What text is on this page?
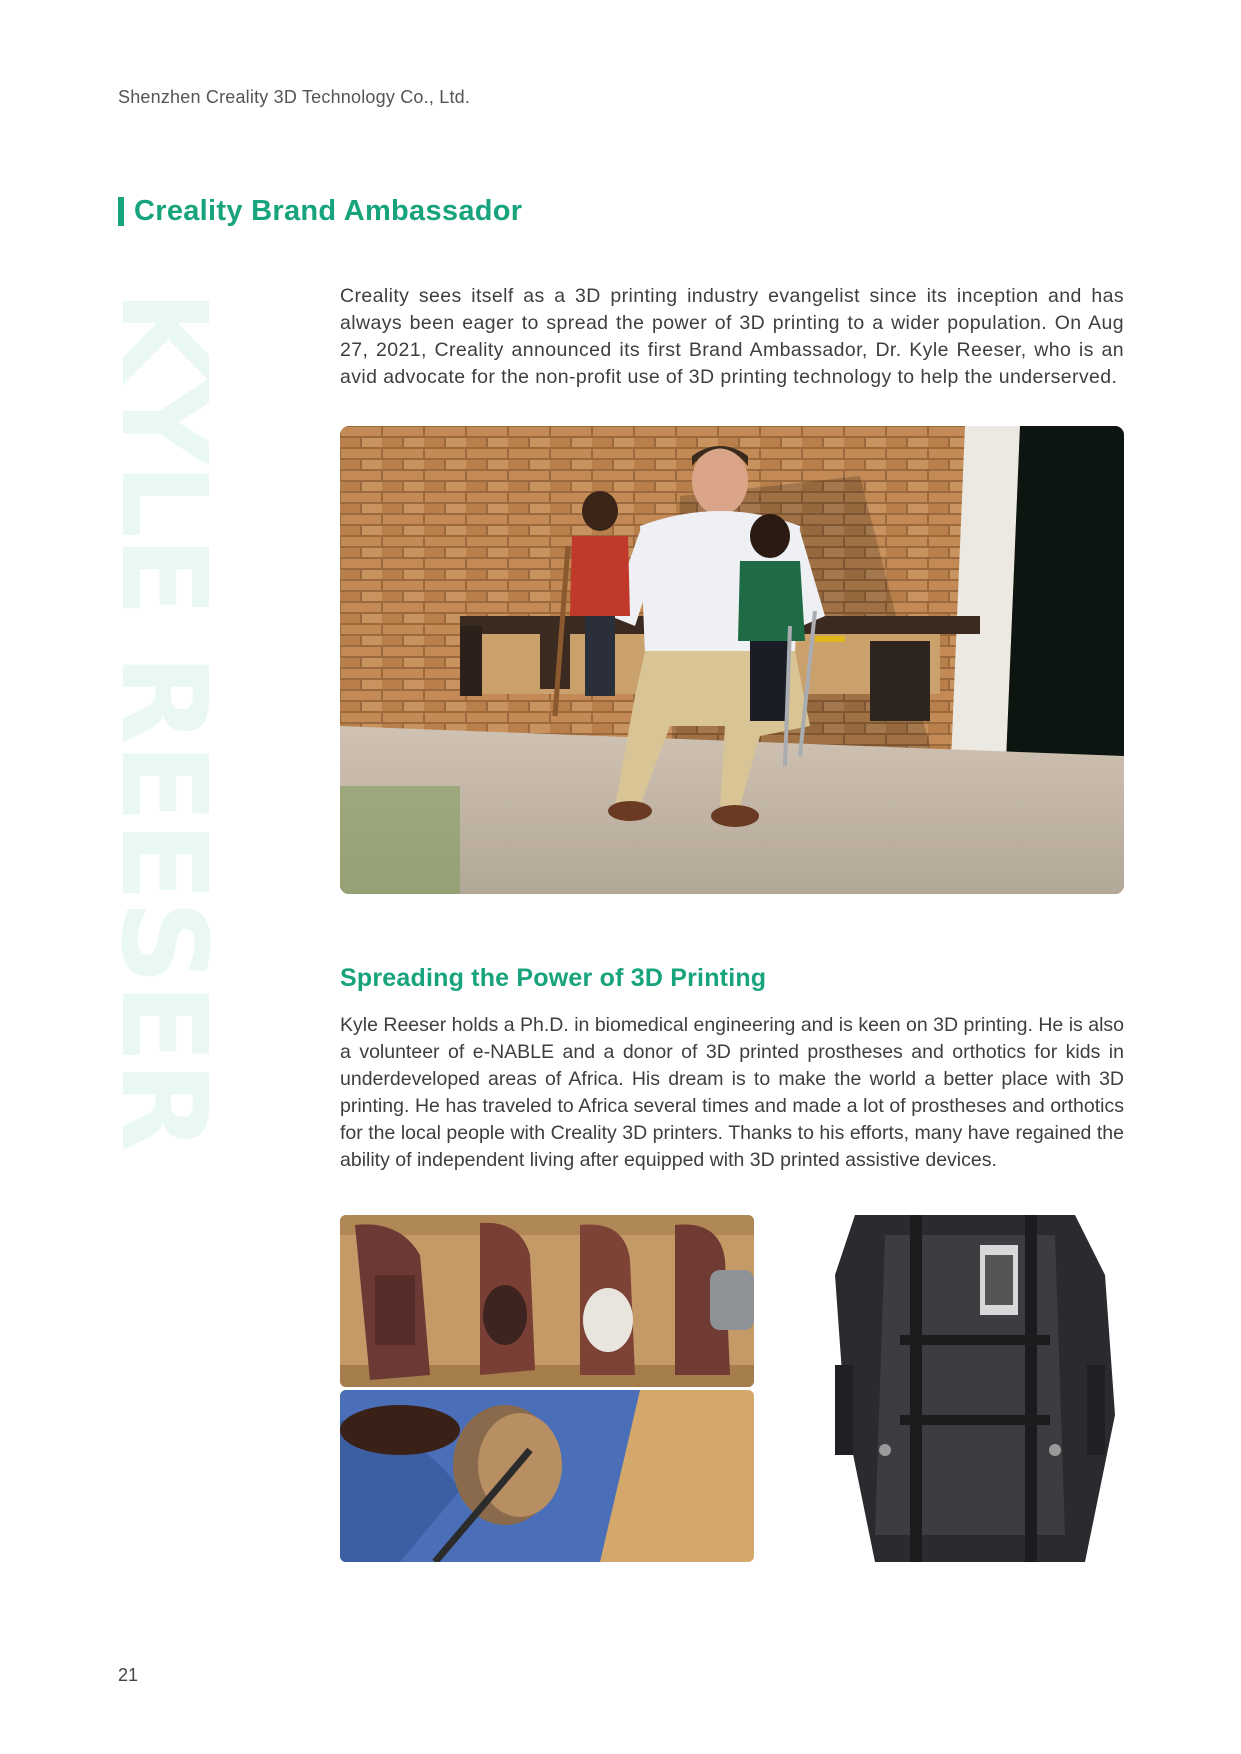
Shenzhen Creality 3D Technology Co., Ltd.
Creality Brand Ambassador
KYLE REESER	Creality sees itself as a 3D printing industry evangelist since its inception and has always been eager to spread the power of 3D printing to a wider population. On Aug 27, 2021, Creality announced its first Brand Ambassador, Dr. Kyle Reeser, who is an avid advocate for the non-profit use of 3D printing technology to help the underserved.

Spreading the Power of 3D Printing

Kyle Reeser holds a Ph.D. in biomedical engineering and is keen on 3D printing. He is also a volunteer of e-NABLE and a donor of 3D printed prostheses and orthotics for kids in underdeveloped areas of Africa. His dream is to make the world a better place with 3D printing. He has traveled to Africa several times and made a lot of prostheses and orthotics for the local people with Creality 3D printers. Thanks to his efforts, many have regained the ability of independent living after equipped with 3D printed assistive devices.

21
